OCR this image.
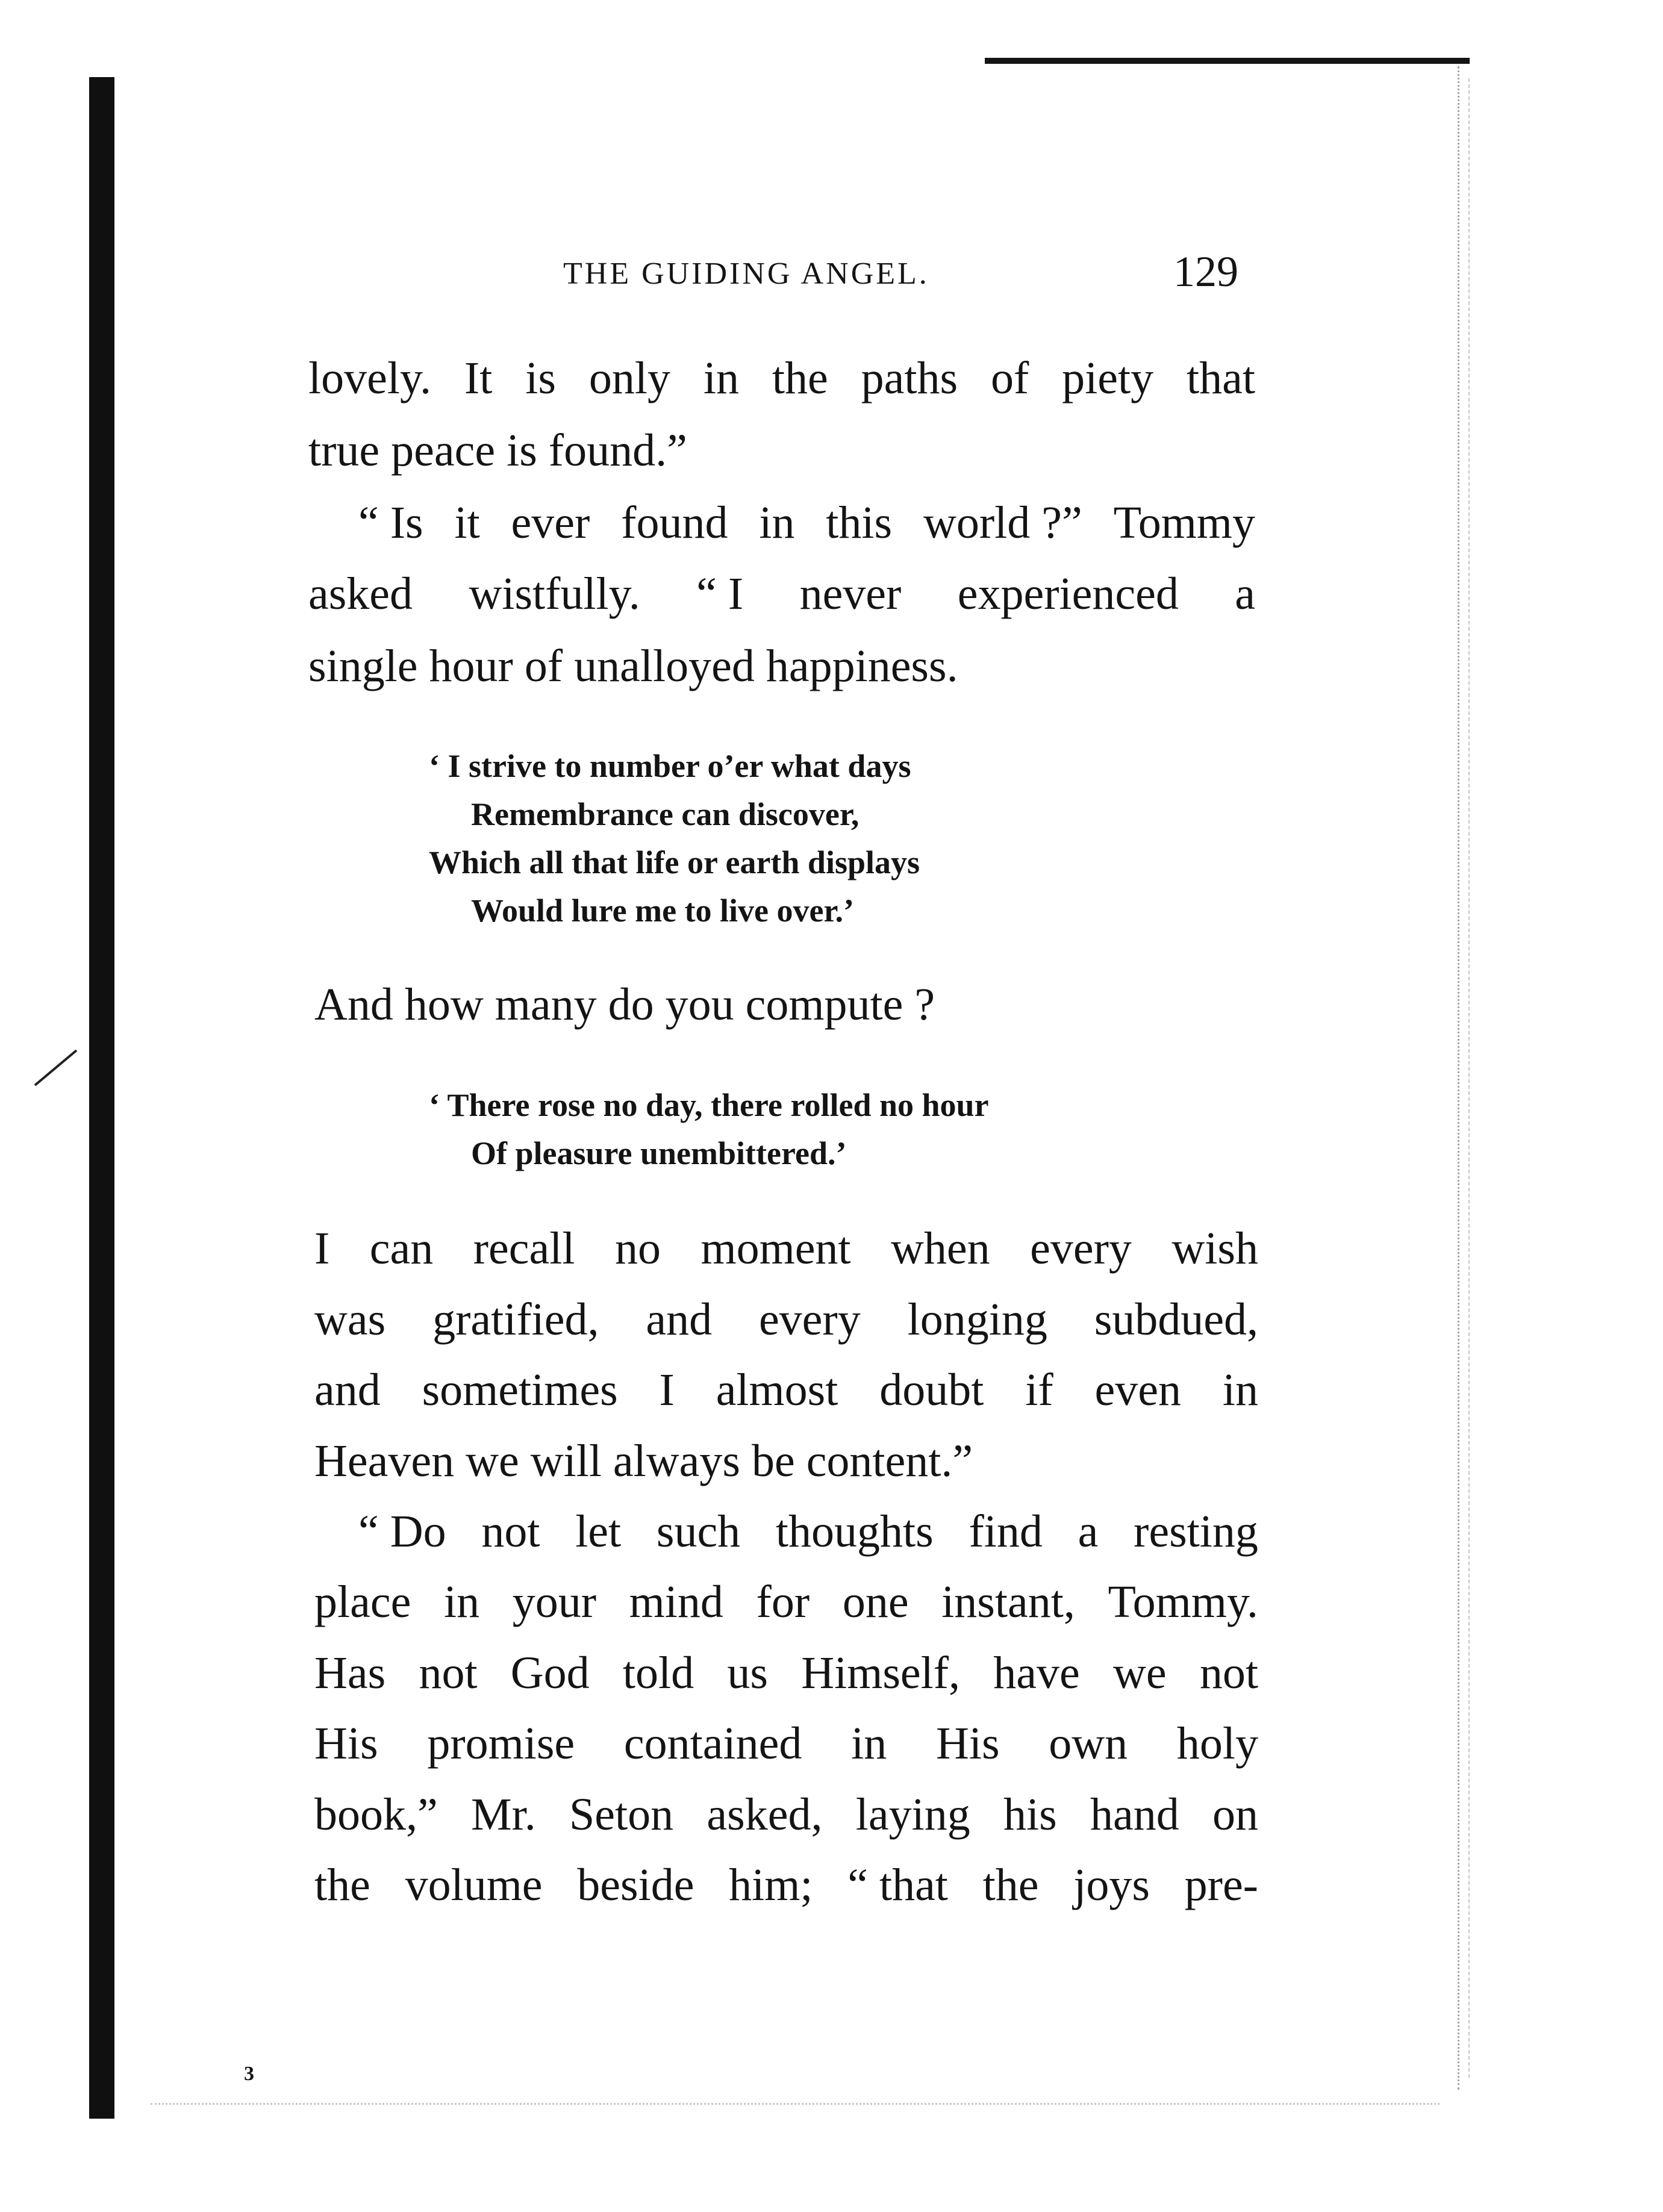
3
THE GUIDING ANGEL.	129
lovely. It is only in the paths of piety that
true peace is found.”
“ Is it ever found in this world ?” Tommy
asked wistfully. “ I never experienced a
single hour of unalloyed happiness.
‘ I strive to number o’er what days
Remembrance can discover,
Which all that life or earth displays
Would lure me to live over.’
And how many do you compute ?
‘ There rose no day, there rolled no hour
Of pleasure unembittered.’
I can recall no moment when every wish
was gratified, and every longing subdued,
and sometimes I almost doubt if even in
Heaven we will always be content.”
“ Do not let such thoughts find a resting
place in your mind for one instant, Tommy.
Has not God told us Himself, have we not
His promise contained in His own holy
book,” Mr. Seton asked, laying his hand on
the volume beside him; “ that the joys pre-
